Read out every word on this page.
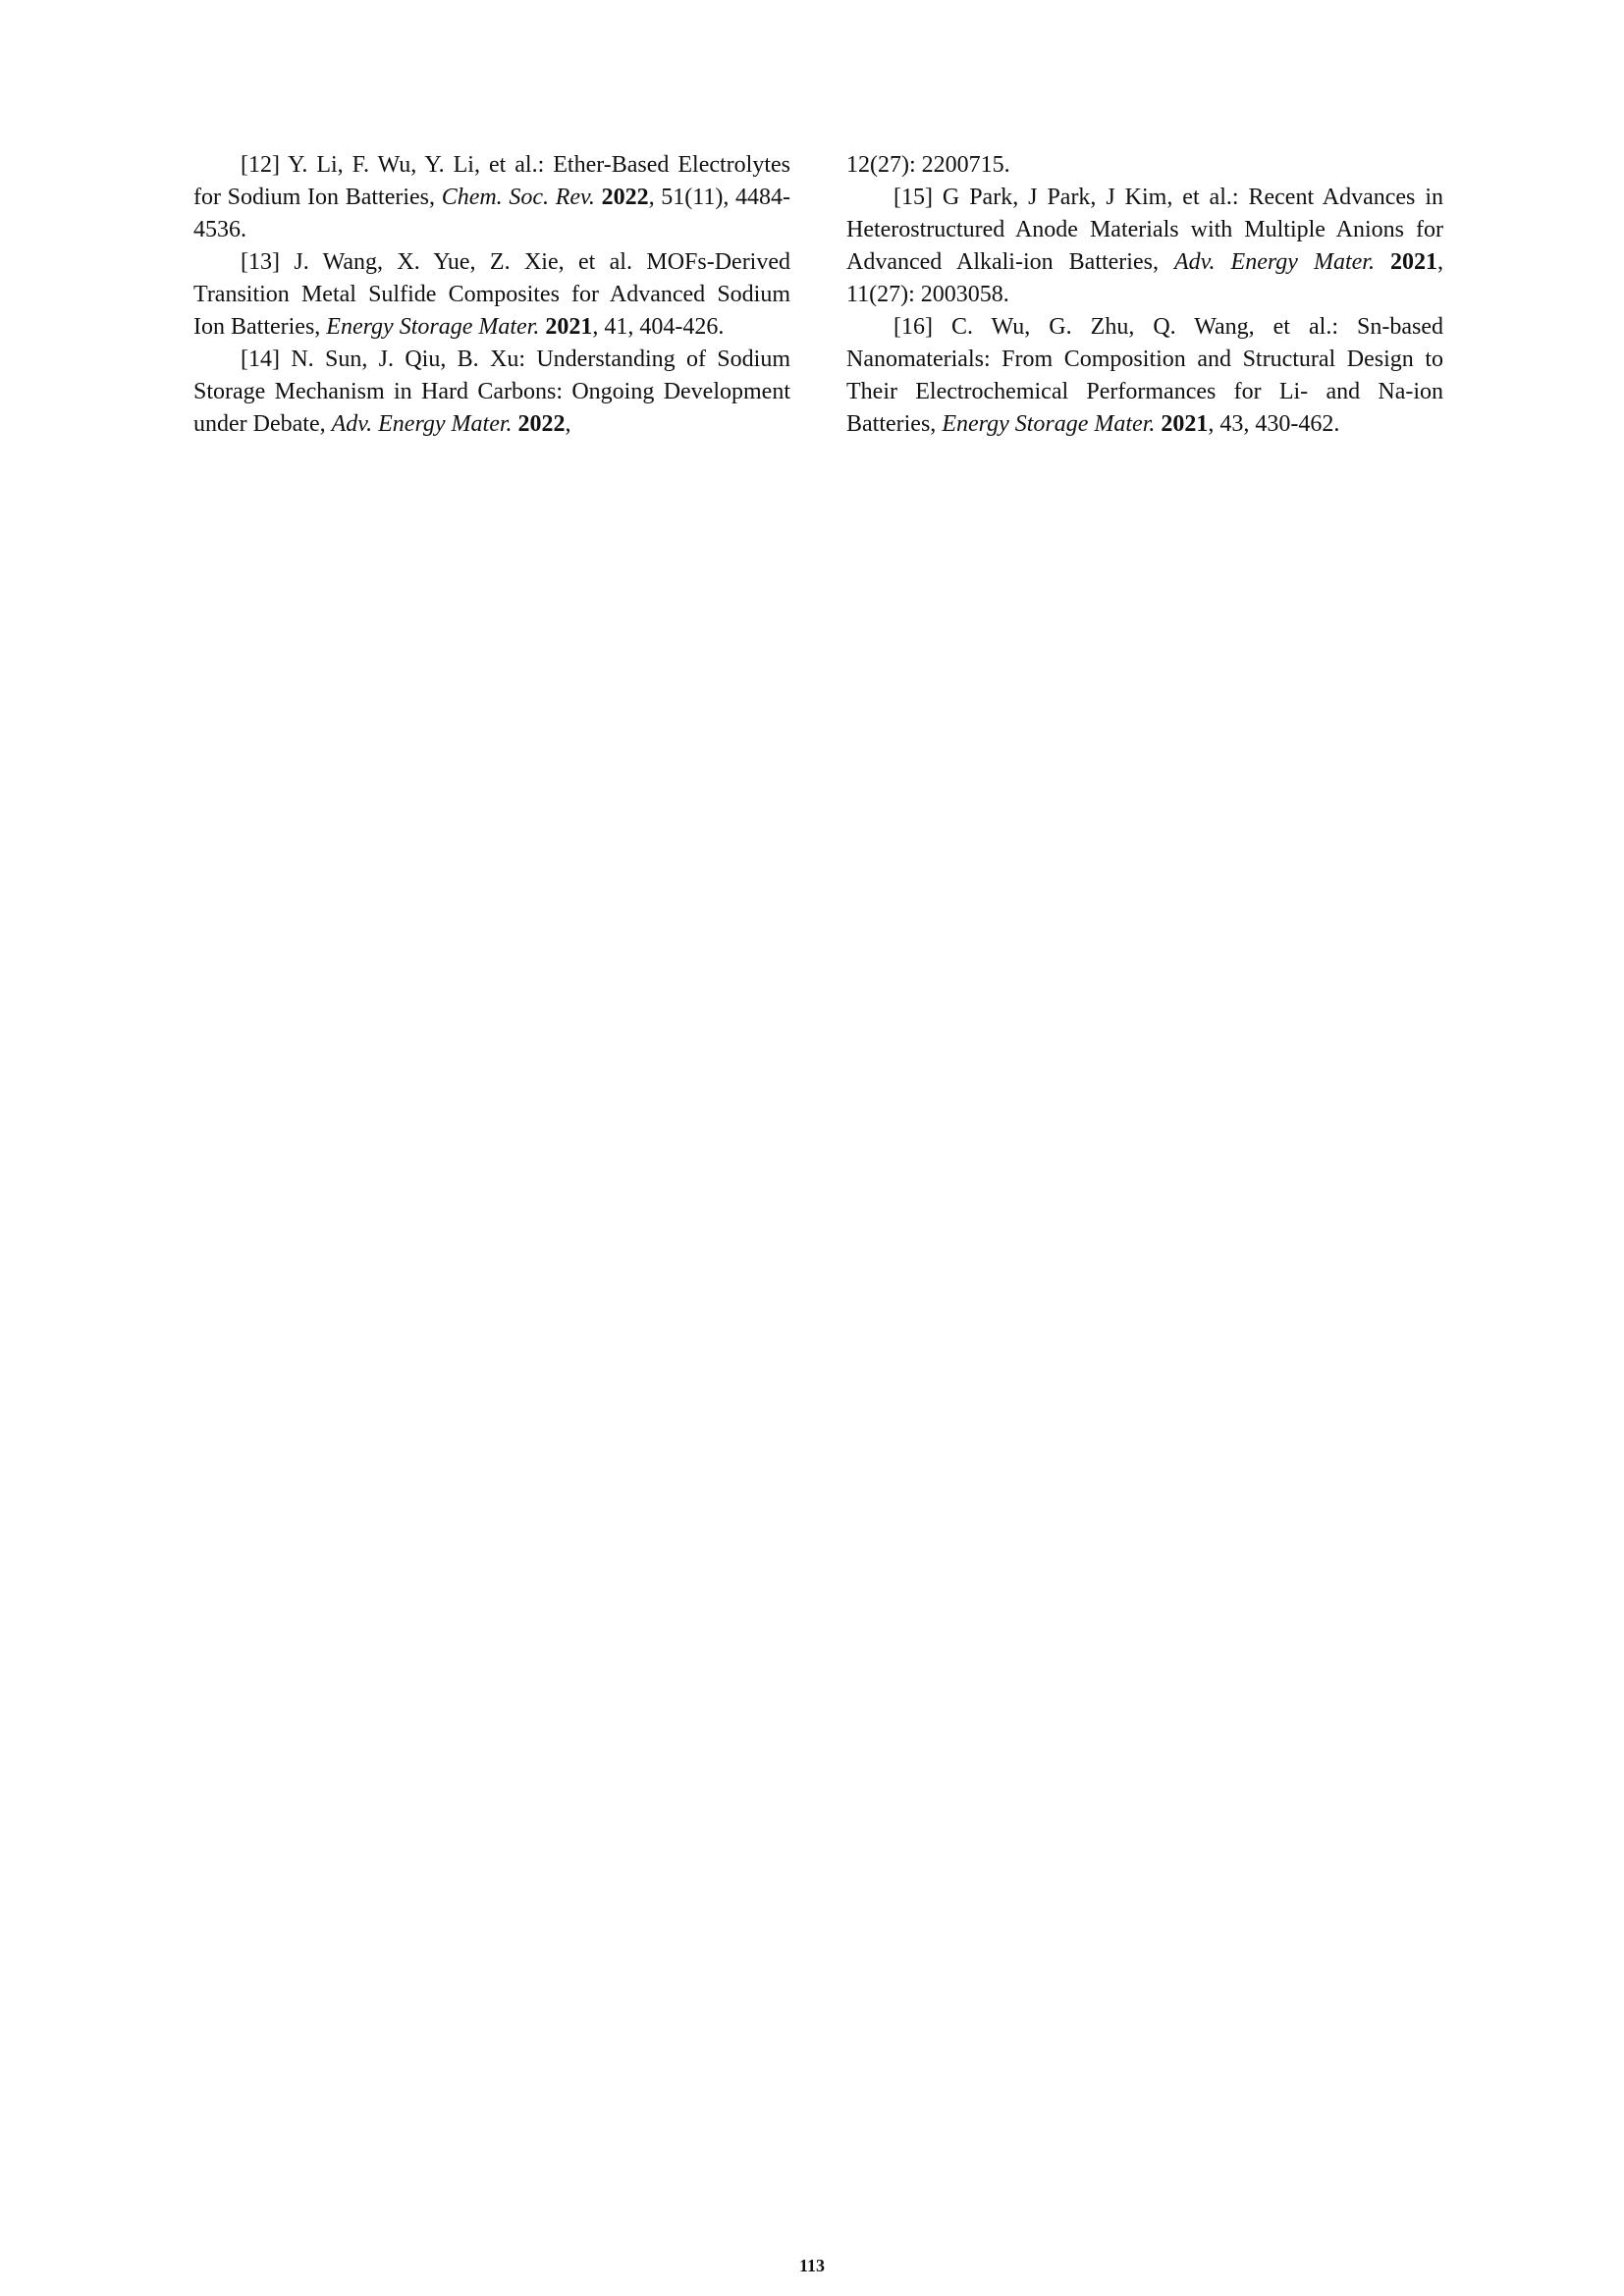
[12] Y. Li, F. Wu, Y. Li, et al.: Ether-Based Electrolytes for Sodium Ion Batteries, Chem. Soc. Rev. 2022, 51(11), 4484-4536.

[13] J. Wang, X. Yue, Z. Xie, et al. MOFs-Derived Transition Metal Sulfide Composites for Advanced Sodium Ion Batteries, Energy Storage Mater. 2021, 41, 404-426.

[14] N. Sun, J. Qiu, B. Xu: Understanding of Sodium Storage Mechanism in Hard Carbons: Ongoing Development under Debate, Adv. Energy Mater. 2022,

12(27): 2200715.

[15] G Park, J Park, J Kim, et al.: Recent Advances in Heterostructured Anode Materials with Multiple Anions for Advanced Alkali-ion Batteries, Adv. Energy Mater. 2021, 11(27): 2003058.

[16] C. Wu, G. Zhu, Q. Wang, et al.: Sn-based Nanomaterials: From Composition and Structural Design to Their Electrochemical Performances for Li- and Na-ion Batteries, Energy Storage Mater. 2021, 43, 430-462.

113
